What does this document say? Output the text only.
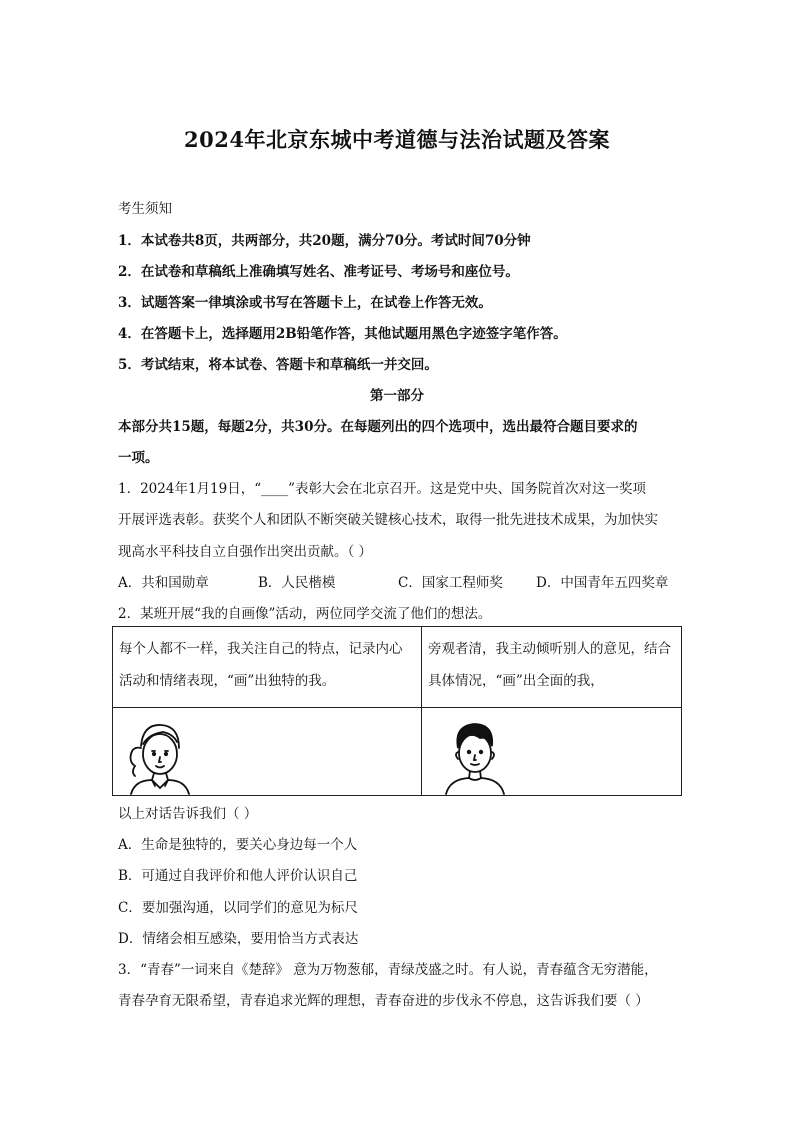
2024年北京东城中考道德与法治试题及答案
考生须知
1．本试卷共8页，共两部分，共20题，满分70分。考试时间70分钟
2．在试卷和草稿纸上准确填写姓名、准考证号、考场号和座位号。
3．试题答案一律填涂或书写在答题卡上，在试卷上作答无效。
4．在答题卡上，选择题用2B铅笔作答，其他试题用黑色字迹签字笔作答。
5．考试结束，将本试卷、答题卡和草稿纸一并交回。
第一部分
本部分共15题，每题2分，共30分。在每题列出的四个选项中，选出最符合题目要求的
一项。
1．2024年1月19日，“____”表彰大会在北京召开。这是党中央、国务院首次对这一奖项
开展评选表彰。获奖个人和团队不断突破关键核心技术，取得一批先进技术成果，为加快实
现高水平科技自立自强作出突出贡献。（ ）
A．共和国勋章	B．人民楷模	C．国家工程师奖	D．中国青年五四奖章
2．某班开展“我的自画像”活动，两位同学交流了他们的想法。
每个人都不一样，我关注自己的特点，记录内心活动和情绪表现，“画”出独特的我。	旁观者清，我主动倾听别人的意见，结合具体情况，“画”出全面的我，

以上对话告诉我们（ ）
A．生命是独特的，要关心身边每一个人
B．可通过自我评价和他人评价认识自己
C．要加强沟通，以同学们的意见为标尺
D．情绪会相互感染，要用恰当方式表达
3．“青春”一词来自《楚辞》 意为万物葱郁，青绿茂盛之时。有人说，青春蕴含无穷潜能，
青春孕育无限希望，青春追求光辉的理想，青春奋进的步伐永不停息，这告诉我们要（ ）
